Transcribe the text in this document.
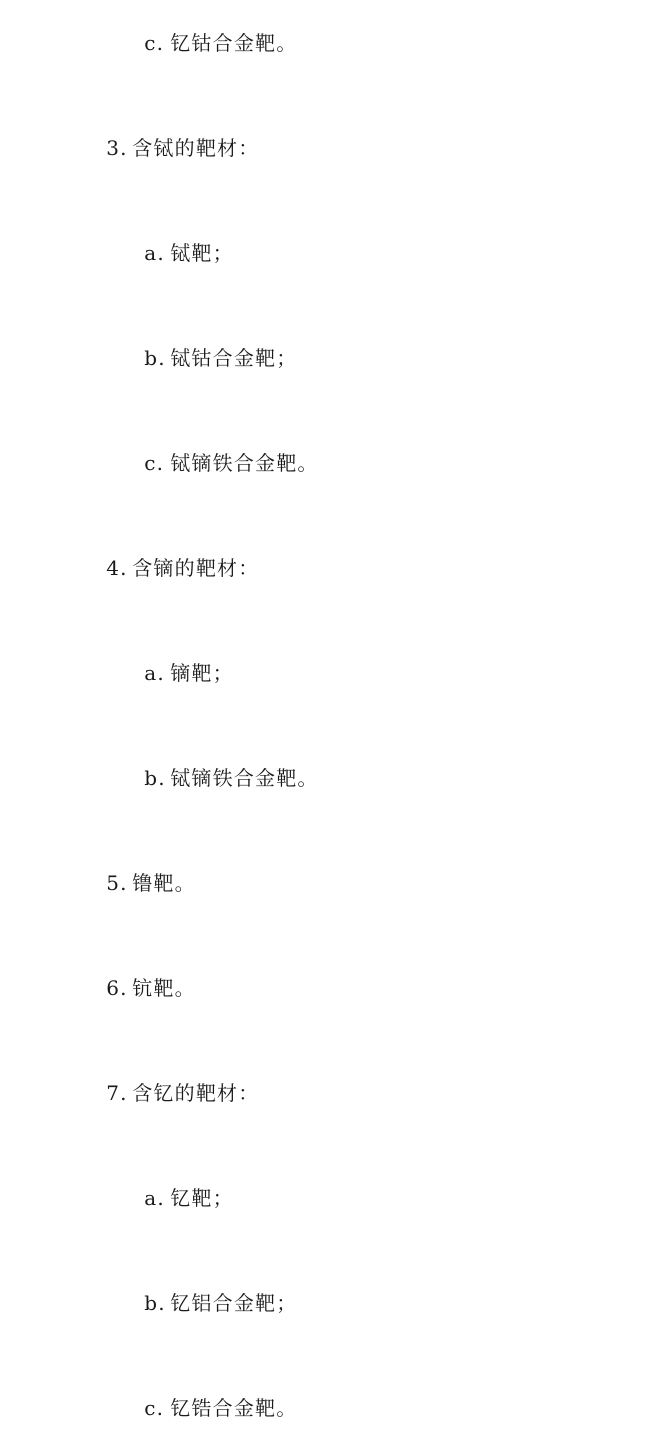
c. 钇钴合金靶。

3. 含铽的靶材：

a. 铽靶；

b. 铽钴合金靶；

c. 铽镝铁合金靶。

4. 含镝的靶材：

a. 镝靶；

b. 铽镝铁合金靶。

5. 镥靶。

6. 钪靶。

7. 含钇的靶材：

a. 钇靶；

b. 钇铝合金靶；

c. 钇锆合金靶。
